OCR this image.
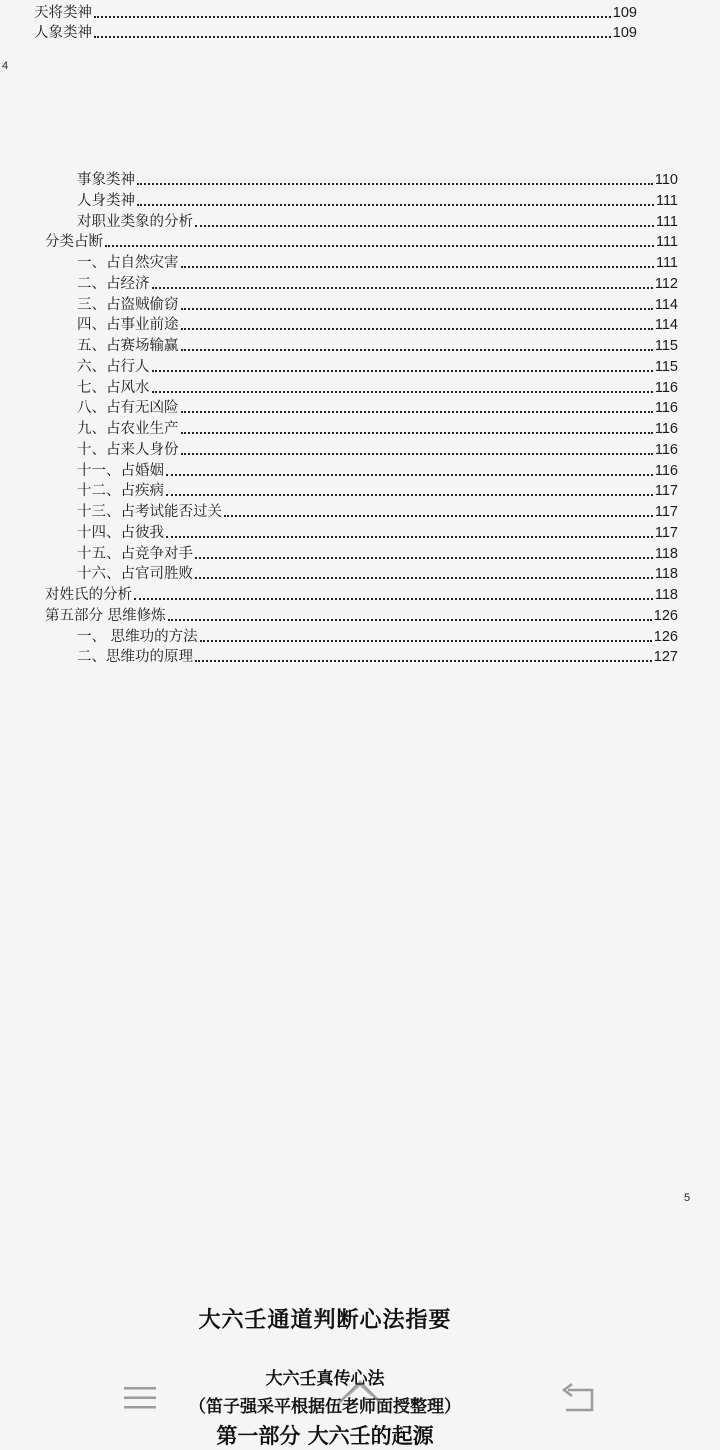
天将类神	109
人象类神	109
4
事象类神	110
人身类神	111
对职业类象的分析	111
分类占断	111
一、占自然灾害	111
二、占经济	112
三、占盗贼偷窃	114
四、占事业前途	114
五、占赛场输赢	115
六、占行人	115
七、占风水	116
八、占有无凶险	116
九、占农业生产	116
十、占来人身份	116
十一、占婚姻	116
十二、占疾病	117
十三、占考试能否过关	117
十四、占彼我	117
十五、占竞争对手	118
十六、占官司胜败	118
对姓氏的分析	118
第五部分 思维修炼	126
一、 思维功的方法	126
二、思维功的原理	127
5
大六壬通道判断心法指要
大六壬真传心法
（笛子强采平根据伍老师面授整理）
第一部分 大六壬的起源
